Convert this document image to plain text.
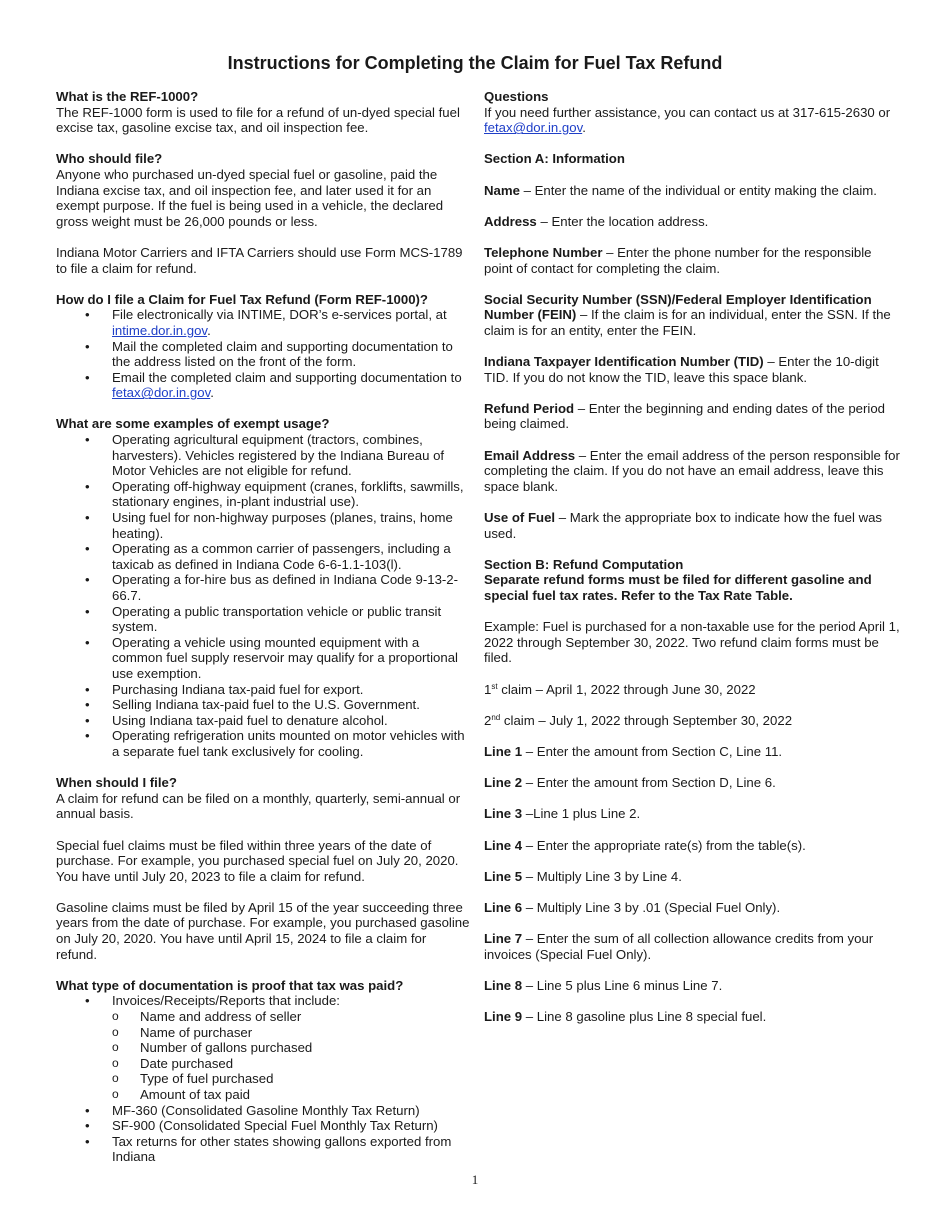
Instructions for Completing the Claim for Fuel Tax Refund
What is the REF-1000?

The REF-1000 form is used to file for a refund of un-dyed special fuel excise tax, gasoline excise tax, and oil inspection fee.

Who should file?

Anyone who purchased un-dyed special fuel or gasoline, paid the Indiana excise tax, and oil inspection fee, and later used it for an exempt purpose. If the fuel is being used in a vehicle, the declared gross weight must be 26,000 pounds or less.

Indiana Motor Carriers and IFTA Carriers should use Form MCS-1789 to file a claim for refund.

How do I file a Claim for Fuel Tax Refund (Form REF-1000)?
• File electronically via INTIME, DOR’s e-services portal, at intime.dor.in.gov.
• Mail the completed claim and supporting documentation to the address listed on the front of the form.
• Email the completed claim and supporting documentation to fetax@dor.in.gov.
What are some examples of exempt usage?
• Operating agricultural equipment (tractors, combines, harvesters). Vehicles registered by the Indiana Bureau of Motor Vehicles are not eligible for refund.
• Operating off-highway equipment (cranes, forklifts, sawmills, stationary engines, in-plant industrial use).
• Using fuel for non-highway purposes (planes, trains, home heating).
• Operating as a common carrier of passengers, including a taxicab as defined in Indiana Code 6-6-1.1-103(l).
• Operating a for-hire bus as defined in Indiana Code 9-13-2-66.7.
• Operating a public transportation vehicle or public transit system.
• Operating a vehicle using mounted equipment with a common fuel supply reservoir may qualify for a proportional use exemption.
• Purchasing Indiana tax-paid fuel for export.
• Selling Indiana tax-paid fuel to the U.S. Government.
• Using Indiana tax-paid fuel to denature alcohol.
• Operating refrigeration units mounted on motor vehicles with a separate fuel tank exclusively for cooling.
When should I file?

A claim for refund can be filed on a monthly, quarterly, semi-annual or annual basis.

Special fuel claims must be filed within three years of the date of purchase. For example, you purchased special fuel on July 20, 2020. You have until July 20, 2023 to file a claim for refund.

Gasoline claims must be filed by April 15 of the year succeeding three years from the date of purchase. For example, you purchased gasoline on July 20, 2020. You have until April 15, 2024 to file a claim for refund.

What type of documentation is proof that tax was paid?
• Invoices/Receipts/Reports that include:
o Name and address of seller
o Name of purchaser
o Number of gallons purchased
o Date purchased
o Type of fuel purchased
o Amount of tax paid
• MF-360 (Consolidated Gasoline Monthly Tax Return)
• SF-900 (Consolidated Special Fuel Monthly Tax Return)
• Tax returns for other states showing gallons exported from Indiana
Questions

If you need further assistance, you can contact us at 317-615-2630 or fetax@dor.in.gov.

Section A: Information
Name – Enter the name of the individual or entity making the claim.
Address – Enter the location address.
Telephone Number – Enter the phone number for the responsible point of contact for completing the claim.
Social Security Number (SSN)/Federal Employer Identification Number (FEIN) – If the claim is for an individual, enter the SSN. If the claim is for an entity, enter the FEIN.
Indiana Taxpayer Identification Number (TID) – Enter the 10-digit TID. If you do not know the TID, leave this space blank.
Refund Period – Enter the beginning and ending dates of the period being claimed.
Email Address – Enter the email address of the person responsible for completing the claim. If you do not have an email address, leave this space blank.
Use of Fuel – Mark the appropriate box to indicate how the fuel was used.
Section B: Refund Computation
Separate refund forms must be filed for different gasoline and special fuel tax rates. Refer to the Tax Rate Table.
Example: Fuel is purchased for a non-taxable use for the period April 1, 2022 through September 30, 2022. Two refund claim forms must be filed.
1st claim – April 1, 2022 through June 30, 2022
2nd claim – July 1, 2022 through September 30, 2022
Line 1 – Enter the amount from Section C, Line 11.
Line 2 – Enter the amount from Section D, Line 6.
Line 3 –Line 1 plus Line 2.
Line 4 – Enter the appropriate rate(s) from the table(s).
Line 5 – Multiply Line 3 by Line 4.
Line 6 – Multiply Line 3 by .01 (Special Fuel Only).
Line 7 – Enter the sum of all collection allowance credits from your invoices (Special Fuel Only).
Line 8 – Line 5 plus Line 6 minus Line 7.
Line 9 – Line 8 gasoline plus Line 8 special fuel.
1
